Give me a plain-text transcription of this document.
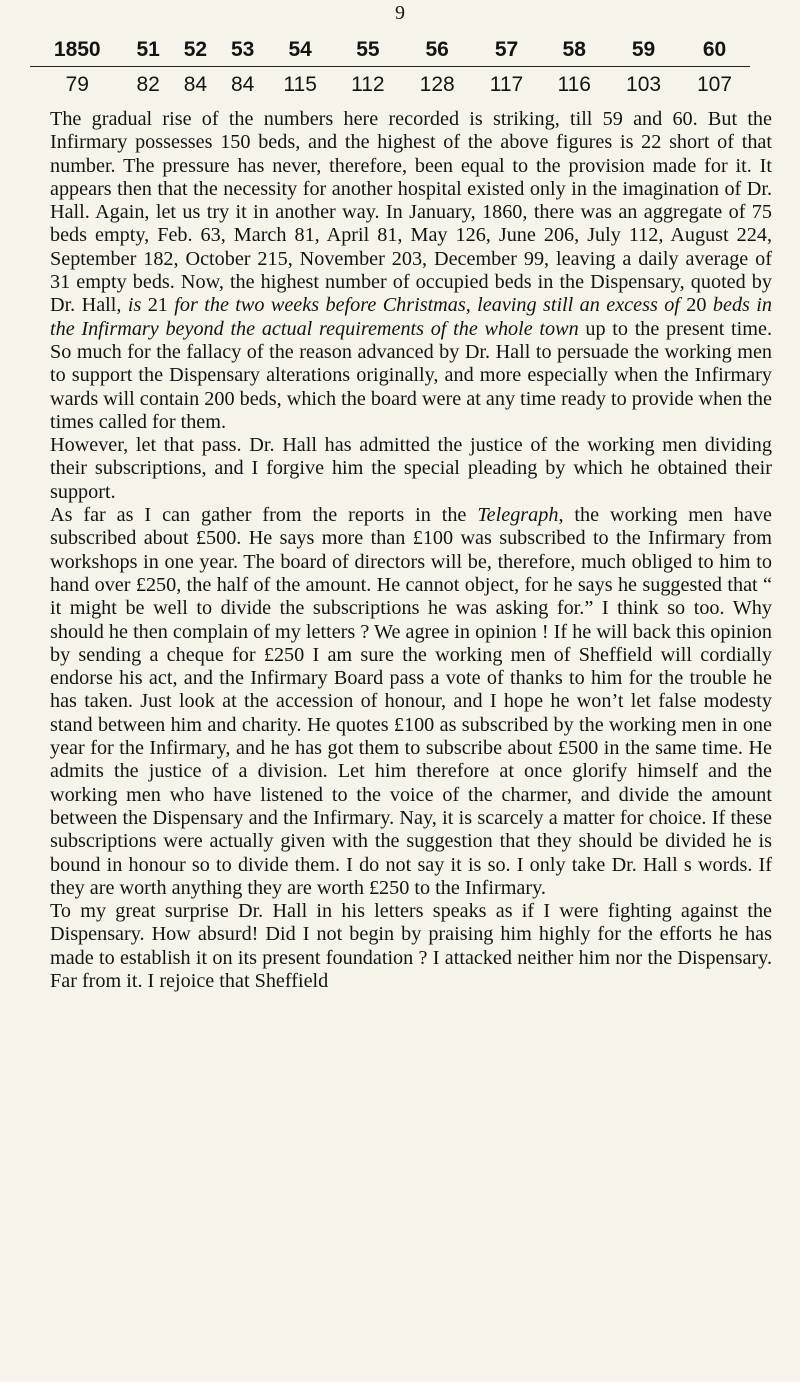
9
1850	51	52	53	54	55	56	57	58	59	60
79	82	84	84	115	112	128	117	116	103	107

The gradual rise of the numbers here recorded is striking, till 59 and 60. But the Infirmary possesses 150 beds, and the highest of the above figures is 22 short of that number. The pressure has never, therefore, been equal to the provision made for it. It appears then that the necessity for another hospital existed only in the imagination of Dr. Hall. Again, let us try it in another way. In January, 1860, there was an aggregate of 75 beds empty, Feb. 63, March 81, April 81, May 126, June 206, July 112, August 224, September 182, October 215, November 203, December 99, leaving a daily average of 31 empty beds. Now, the highest number of occupied beds in the Dispensary, quoted by Dr. Hall, is 21 for the two weeks before Christmas, leaving still an excess of 20 beds in the Infirmary beyond the actual requirements of the whole town up to the present time. So much for the fallacy of the reason advanced by Dr. Hall to persuade the working men to support the Dispensary alterations originally, and more especially when the Infirmary wards will contain 200 beds, which the board were at any time ready to provide when the times called for them.

However, let that pass. Dr. Hall has admitted the justice of the working men dividing their subscriptions, and I forgive him the special pleading by which he obtained their support.

As far as I can gather from the reports in the Telegraph, the working men have subscribed about £500. He says more than £100 was subscribed to the Infirmary from workshops in one year. The board of directors will be, therefore, much obliged to him to hand over £250, the half of the amount. He cannot object, for he says he suggested that “ it might be well to divide the subscriptions he was asking for.” I think so too. Why should he then complain of my letters ? We agree in opinion ! If he will back this opinion by sending a cheque for £250 I am sure the working men of Sheffield will cordially endorse his act, and the Infirmary Board pass a vote of thanks to him for the trouble he has taken. Just look at the accession of honour, and I hope he won’t let false modesty stand between him and charity. He quotes £100 as subscribed by the working men in one year for the Infirmary, and he has got them to subscribe about £500 in the same time. He admits the justice of a division. Let him therefore at once glorify himself and the working men who have listened to the voice of the charmer, and divide the amount between the Dispensary and the Infirmary. Nay, it is scarcely a matter for choice. If these subscriptions were actually given with the suggestion that they should be divided he is bound in honour so to divide them. I do not say it is so. I only take Dr. Hall s words. If they are worth anything they are worth £250 to the Infirmary.

To my great surprise Dr. Hall in his letters speaks as if I were fighting against the Dispensary. How absurd! Did I not begin by praising him highly for the efforts he has made to establish it on its present foundation ? I attacked neither him nor the Dispensary. Far from it. I rejoice that Sheffield
